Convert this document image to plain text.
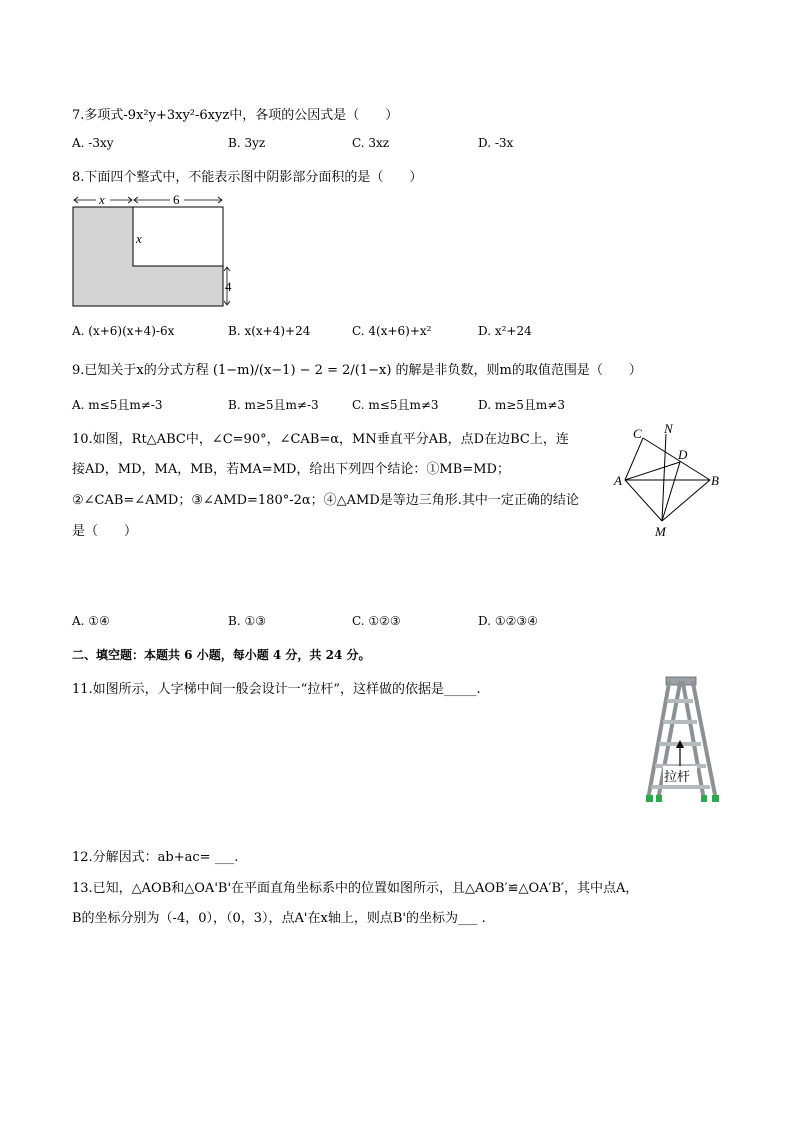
7.多项式-9x²y+3xy²-6xyz中，各项的公因式是（　　）
A. -3xy	B. 3yz	C. 3xz	D. -3x
8.下面四个整式中，不能表示图中阴影部分面积的是（　　）
x	6
x
4
A. (x+6)(x+4)-6x	B. x(x+4)+24	C. 4(x+6)+x²	D. x²+24
9.已知关于x的分式方程 (1−m)/(x−1) − 2 = 2/(1−x) 的解是非负数，则m的取值范围是（　　）
A. m≤5且m≠-3	B. m≥5且m≠-3	C. m≤5且m≠3	D. m≥5且m≠3
10.如图，Rt△ABC中，∠C=90°，∠CAB=α，MN垂直平分AB，点D在边BC上，连
接AD，MD，MA，MB，若MA=MD，给出下列四个结论：①MB=MD；
②∠CAB=∠AMD；③∠AMD=180°-2α；④△AMD是等边三角形.其中一定正确的结论
是（　　）
C N
D
A	B
M
A. ①④	B. ①③	C. ①②③	D. ①②③④
二、填空题：本题共 6 小题，每小题 4 分，共 24 分。
11.如图所示，人字梯中间一般会设计一“拉杆”，这样做的依据是_____.
拉杆
12.分解因式：ab+ac= ___.
13.已知，△AOB和△OA'B'在平面直角坐标系中的位置如图所示，且△AOB′≌△OA′B′，其中点A，
B的坐标分别为（-4，0），（0，3），点A'在x轴上，则点B'的坐标为___ .
